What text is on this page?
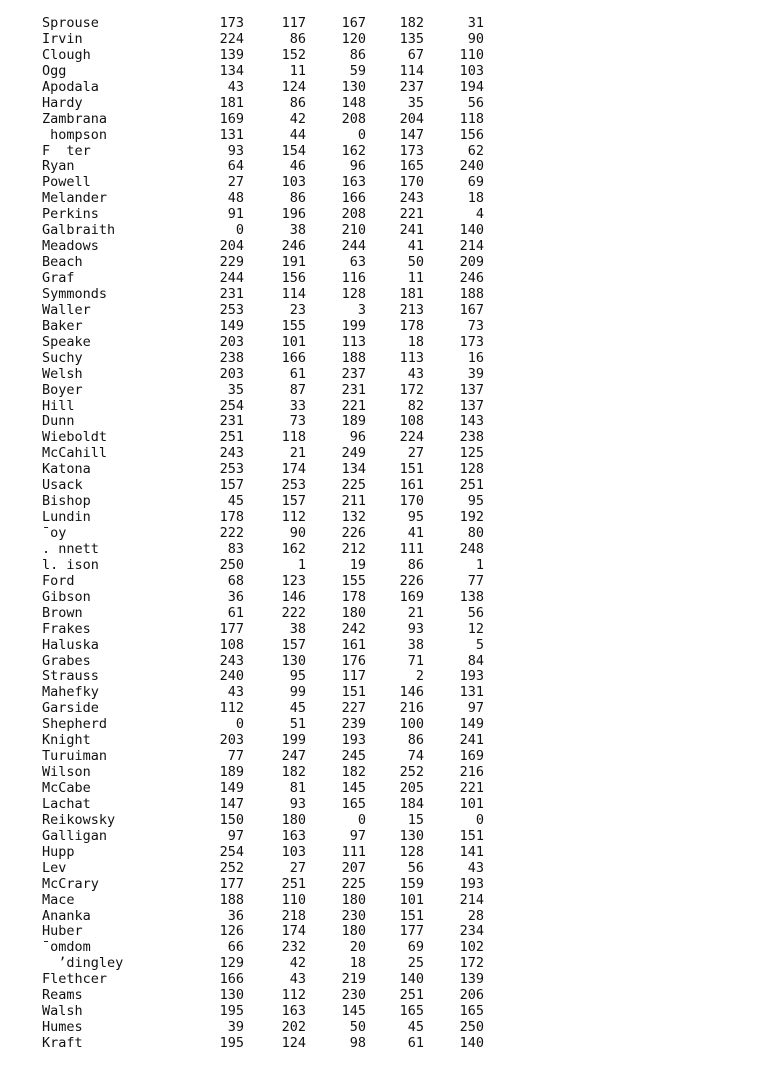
Sprouse	173	117	167	182	31
Irvin	224	86	120	135	90
Clough	139	152	86	67	110
Ogg	134	11	59	114	103
Apodala	43	124	130	237	194
Hardy	181	86	148	35	56
Zambrana	169	42	208	204	118
hompson	131	44	0	147	156
F  ter	93	154	162	173	62
Ryan	64	46	96	165	240
Powell	27	103	163	170	69
Melander	48	86	166	243	18
Perkins	91	196	208	221	4
Galbraith	0	38	210	241	140
Meadows	204	246	244	41	214
Beach	229	191	63	50	209
Graf	244	156	116	11	246
Symmonds	231	114	128	181	188
Waller	253	23	3	213	167
Baker	149	155	199	178	73
Speake	203	101	113	18	173
Suchy	238	166	188	113	16
Welsh	203	61	237	43	39
Boyer	35	87	231	172	137
Hill	254	33	221	82	137
Dunn	231	73	189	108	143
Wieboldt	251	118	96	224	238
McCahill	243	21	249	27	125
Katona	253	174	134	151	128
Usack	157	253	225	161	251
Bishop	45	157	211	170	95
Lundin	178	112	132	95	192
¯oy	222	90	226	41	80
. nnett	83	162	212	111	248
l. ison	250	1	19	86	1
Ford	68	123	155	226	77
Gibson	36	146	178	169	138
Brown	61	222	180	21	56
Frakes	177	38	242	93	12
Haluska	108	157	161	38	5
Grabes	243	130	176	71	84
Strauss	240	95	117	2	193
Mahefky	43	99	151	146	131
Garside	112	45	227	216	97
Shepherd	0	51	239	100	149
Knight	203	199	193	86	241
Turuiman	77	247	245	74	169
Wilson	189	182	182	252	216
McCabe	149	81	145	205	221
Lachat	147	93	165	184	101
Reikowsky	150	180	0	15	0
Galligan	97	163	97	130	151
Hupp	254	103	111	128	141
Lev	252	27	207	56	43
McCrary	177	251	225	159	193
Mace	188	110	180	101	214
Ananka	36	218	230	151	28
Huber	126	174	180	177	234
¯omdom	66	232	20	69	102
ʼdingley	129	42	18	25	172
Flethcer	166	43	219	140	139
Reams	130	112	230	251	206
Walsh	195	163	145	165	165
Humes	39	202	50	45	250
Kraft	195	124	98	61	140
